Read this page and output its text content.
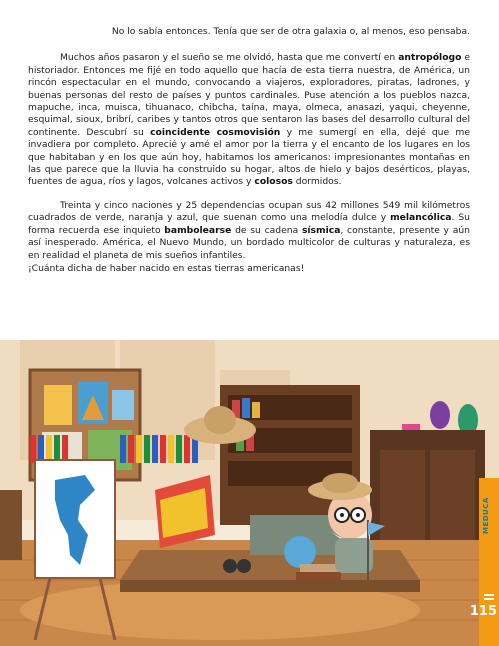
No lo sabía entonces. Tenía que ser de otra galaxia o, al menos, eso pensaba.

Muchos años pasaron y el sueño se me olvidó, hasta que me convertí en antropólogo e historiador. Entonces me fijé en todo aquello que hacía de esta tierra nuestra, de América, un rincón espectacular en el mundo, convocando a viajeros, exploradores, piratas, ladrones, y buenas personas del resto de países y puntos cardinales. Puse atención a los pueblos nazca, mapuche, inca, muisca, tihuanaco, chibcha, taína, maya, olmeca, anasazi, yaqui, cheyenne, esquimal, sioux, bribrí, caribes y tantos otros que sentaron las bases del desarrollo cultural del continente. Descubrí su coincidente cosmovisión y me sumergí en ella, dejé que me invadiera por completo. Aprecié y amé el amor por la tierra y el encanto de los lugares en los que habitaban y en los que aún hoy, habitamos los americanos: impresionantes montañas en las que parece que la lluvia ha construido su hogar, altos de hielo y bajos desérticos, playas, fuentes de agua, ríos y lagos, volcanes activos y colosos dormidos.

Treinta y cinco naciones y 25 dependencias ocupan sus 42 millones 549 mil kilómetros cuadrados de verde, naranja y azul, que suenan como una melodía dulce y melancólica. Su forma recuerda ese inquieto bambolearse de su cadena sísmica, constante, presente y aún así inesperado. América, el Nuevo Mundo, un bordado multicolor de culturas y naturaleza, es en realidad el planeta de mis sueños infantiles.

¡Cuánta dicha de haber nacido en estas tierras americanas!

MEDUCA
115
